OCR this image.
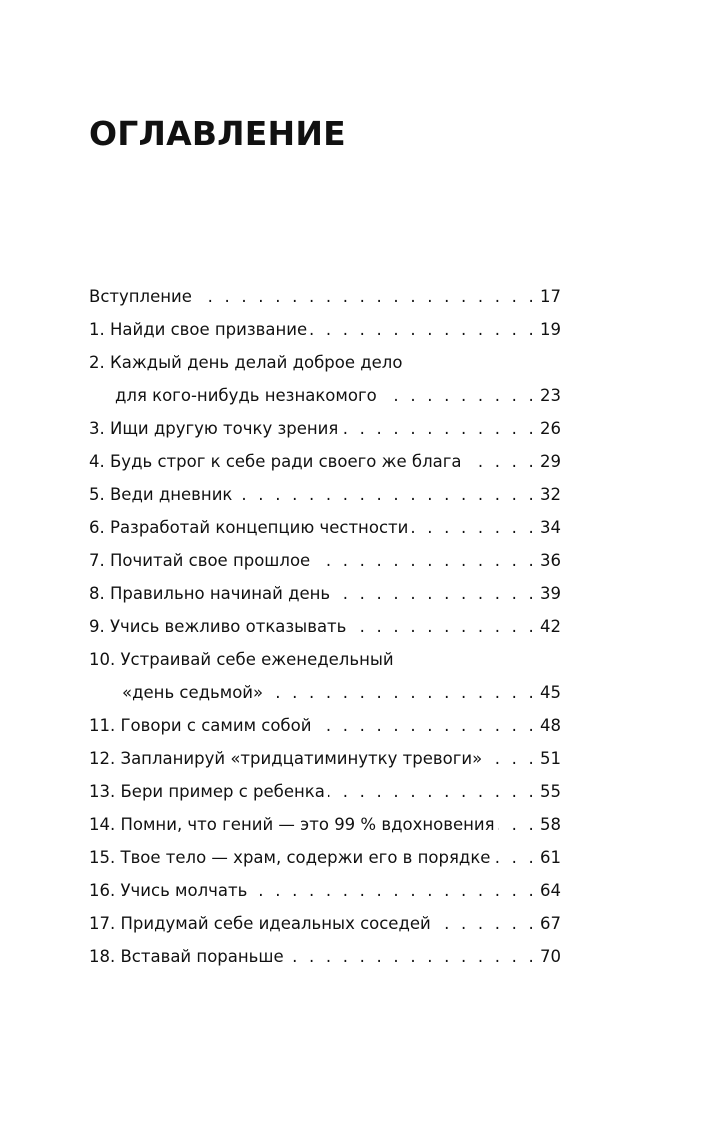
ОГЛАВЛЕНИЕ
Вступление . . .	17
1. Найди свое призвание . . .	19
2. Каждый день делай доброе дело
для кого-нибудь незнакомого . . .	23
3. Ищи другую точку зрения . . .	26
4. Будь строг к себе ради своего же блага . . .	29
5. Веди дневник . . .	32
6. Разработай концепцию честности . . .	34
7. Почитай свое прошлое . . .	36
8. Правильно начинай день . . .	39
9. Учись вежливо отказывать . . .	42
10. Устраивай себе еженедельный
«день седьмой» . . .	45
11. Говори с самим собой . . .	48
12. Запланируй «тридцатиминутку тревоги» . . .	51
13. Бери пример с ребенка . . .	55
14. Помни, что гений — это 99 % вдохновения . . .	58
15. Твое тело — храм, содержи его в порядке . . .	61
16. Учись молчать . . .	64
17. Придумай себе идеальных соседей . . .	67
18. Вставай пораньше . . .	70
